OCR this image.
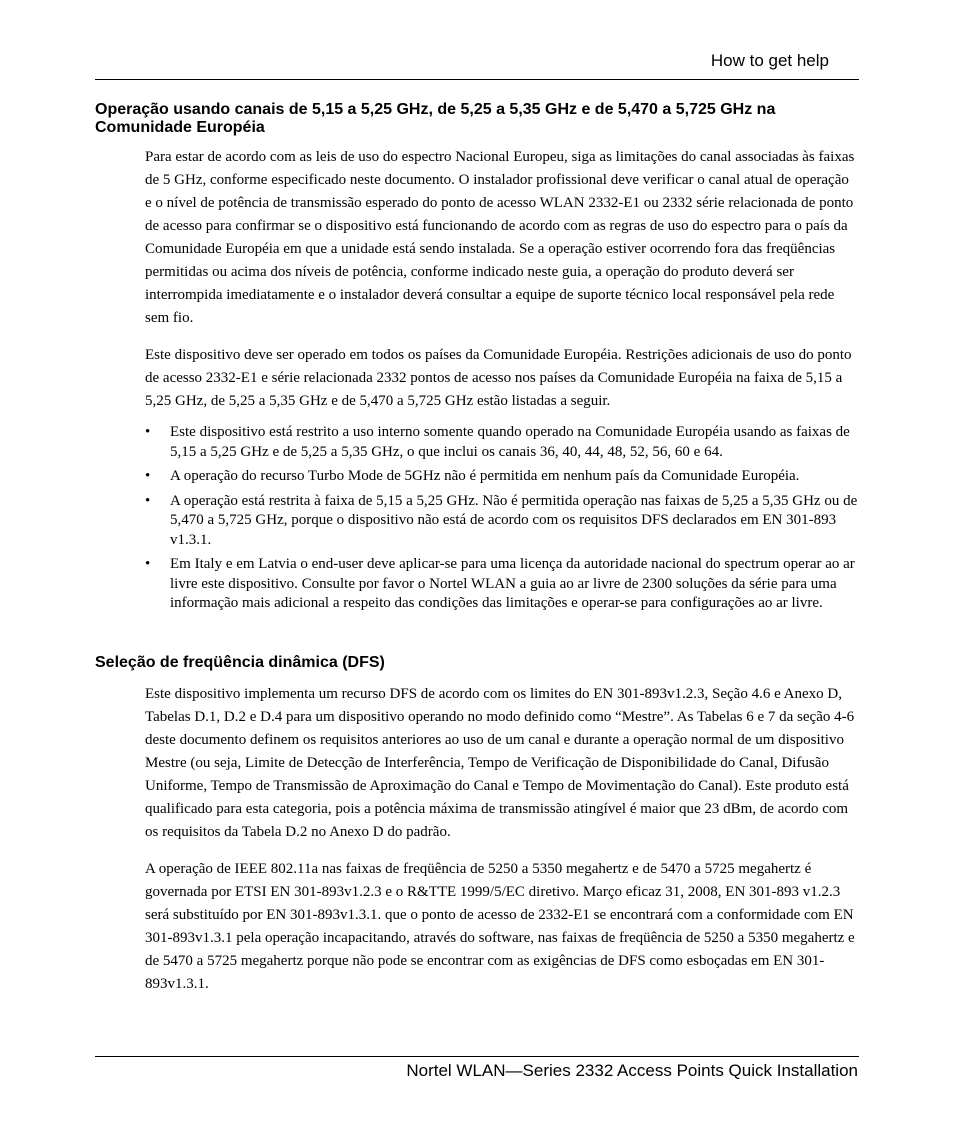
How to get help
Operação usando canais de 5,15 a 5,25 GHz, de 5,25 a 5,35 GHz e de 5,470 a 5,725 GHz na Comunidade Européia

Para estar de acordo com as leis de uso do espectro Nacional Europeu, siga as limitações do canal associadas às faixas de 5 GHz, conforme especificado neste documento. O instalador profissional deve verificar o canal atual de operação e o nível de potência de transmissão esperado do ponto de acesso WLAN 2332-E1 ou 2332 série relacionada de ponto de acesso para confirmar se o dispositivo está funcionando de acordo com as regras de uso do espectro para o país da Comunidade Européia em que a unidade está sendo instalada. Se a operação estiver ocorrendo fora das freqüências permitidas ou acima dos níveis de potência, conforme indicado neste guia, a operação do produto deverá ser interrompida imediatamente e o instalador deverá consultar a equipe de suporte técnico local responsável pela rede sem fio.

Este dispositivo deve ser operado em todos os países da Comunidade Européia. Restrições adicionais de uso do ponto de acesso 2332-E1 e série relacionada 2332 pontos de acesso nos países da Comunidade Européia na faixa de 5,15 a 5,25 GHz, de 5,25 a 5,35 GHz e de 5,470 a 5,725 GHz estão listadas a seguir.

• Este dispositivo está restrito a uso interno somente quando operado na Comunidade Européia usando as faixas de 5,15 a 5,25 GHz e de 5,25 a 5,35 GHz, o que inclui os canais 36, 40, 44, 48, 52, 56, 60 e 64.
• A operação do recurso Turbo Mode de 5GHz não é permitida em nenhum país da Comunidade Européia.
• A operação está restrita à faixa de 5,15 a 5,25 GHz. Não é permitida operação nas faixas de 5,25 a 5,35 GHz ou de 5,470 a 5,725 GHz, porque o dispositivo não está de acordo com os requisitos DFS declarados em EN 301-893 v1.3.1.
• Em Italy e em Latvia o end-user deve aplicar-se para uma licença da autoridade nacional do spectrum operar ao ar livre este dispositivo. Consulte por favor o Nortel WLAN a guia ao ar livre de 2300 soluções da série para uma informação mais adicional a respeito das condições das limitações e operar-se para configurações ao ar livre.
Seleção de freqüência dinâmica (DFS)

Este dispositivo implementa um recurso DFS de acordo com os limites do EN 301-893v1.2.3, Seção 4.6 e Anexo D, Tabelas D.1, D.2 e D.4 para um dispositivo operando no modo definido como “Mestre”. As Tabelas 6 e 7 da seção 4-6 deste documento definem os requisitos anteriores ao uso de um canal e durante a operação normal de um dispositivo Mestre (ou seja, Limite de Detecção de Interferência, Tempo de Verificação de Disponibilidade do Canal, Difusão Uniforme, Tempo de Transmissão de Aproximação do Canal e Tempo de Movimentação do Canal). Este produto está qualificado para esta categoria, pois a potência máxima de transmissão atingível é maior que 23 dBm, de acordo com os requisitos da Tabela D.2 no Anexo D do padrão.

A operação de IEEE 802.11a nas faixas de freqüência de 5250 a 5350 megahertz e de 5470 a 5725 megahertz é governada por ETSI EN 301-893v1.2.3 e o R&TTE 1999/5/EC diretivo. Março eficaz 31, 2008, EN 301-893 v1.2.3 será substituído por EN 301-893v1.3.1. que o ponto de acesso de 2332-E1 se encontrará com a conformidade com EN 301-893v1.3.1 pela operação incapacitando, através do software, nas faixas de freqüência de 5250 a 5350 megahertz e de 5470 a 5725 megahertz porque não pode se encontrar com as exigências de DFS como esboçadas em EN 301-893v1.3.1.

Nortel WLAN—Series 2332 Access Points Quick Installation
